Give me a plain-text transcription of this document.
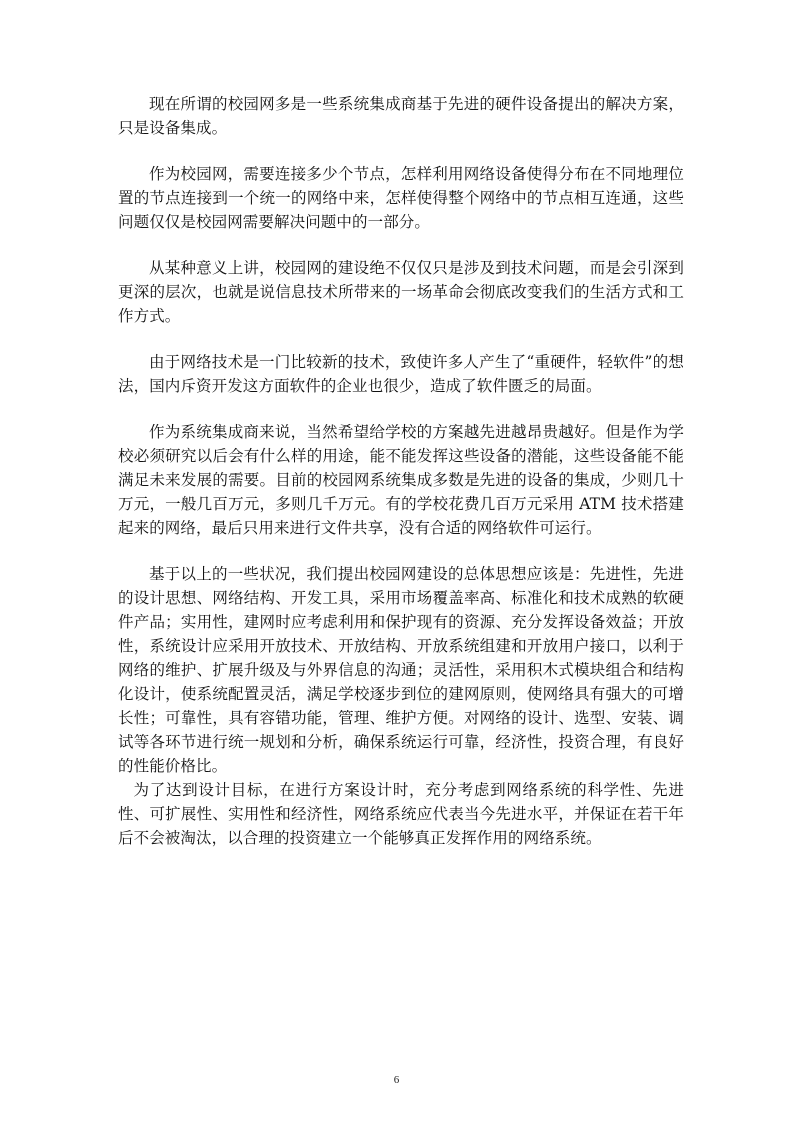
现在所谓的校园网多是一些系统集成商基于先进的硬件设备提出的解决方案，只是设备集成。

作为校园网，需要连接多少个节点，怎样利用网络设备使得分布在不同地理位置的节点连接到一个统一的网络中来，怎样使得整个网络中的节点相互连通，这些问题仅仅是校园网需要解决问题中的一部分。

从某种意义上讲，校园网的建设绝不仅仅只是涉及到技术问题，而是会引深到更深的层次，也就是说信息技术所带来的一场革命会彻底改变我们的生活方式和工作方式。

由于网络技术是一门比较新的技术，致使许多人产生了“重硬件，轻软件”的想法，国内斥资开发这方面软件的企业也很少，造成了软件匮乏的局面。

作为系统集成商来说，当然希望给学校的方案越先进越昂贵越好。但是作为学校必须研究以后会有什么样的用途，能不能发挥这些设备的潜能，这些设备能不能满足未来发展的需要。目前的校园网系统集成多数是先进的设备的集成，少则几十万元，一般几百万元，多则几千万元。有的学校花费几百万元采用 ATM 技术搭建起来的网络，最后只用来进行文件共享，没有合适的网络软件可运行。

基于以上的一些状况，我们提出校园网建设的总体思想应该是：先进性，先进的设计思想、网络结构、开发工具，采用市场覆盖率高、标准化和技术成熟的软硬件产品；实用性，建网时应考虑利用和保护现有的资源、充分发挥设备效益；开放性，系统设计应采用开放技术、开放结构、开放系统组建和开放用户接口，以利于网络的维护、扩展升级及与外界信息的沟通；灵活性，采用积木式模块组合和结构化设计，使系统配置灵活，满足学校逐步到位的建网原则，使网络具有强大的可增长性；可靠性，具有容错功能，管理、维护方便。对网络的设计、选型、安装、调试等各环节进行统一规划和分析，确保系统运行可靠，经济性，投资合理，有良好的性能价格比。

为了达到设计目标，在进行方案设计时，充分考虑到网络系统的科学性、先进性、可扩展性、实用性和经济性，网络系统应代表当今先进水平，并保证在若干年后不会被淘汰，以合理的投资建立一个能够真正发挥作用的网络系统。

6
